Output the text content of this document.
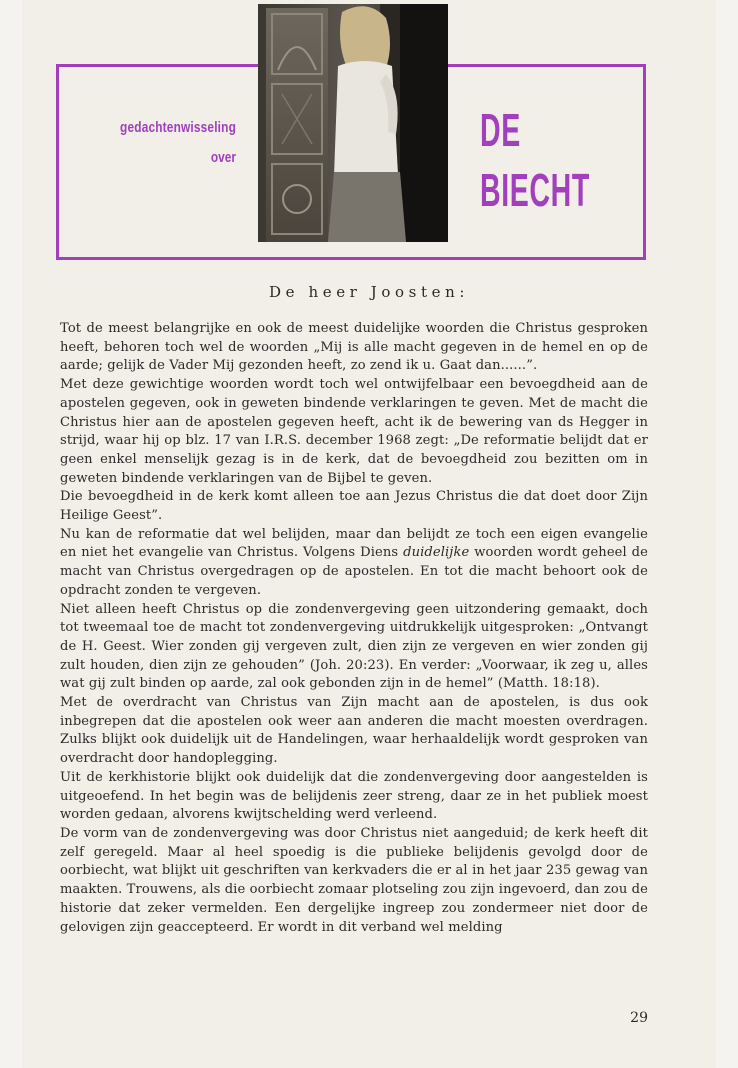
gedachtenwisseling
over
DE
BIECHT
De heer Joosten:

Tot de meest belangrijke en ook de meest duidelijke woorden die Christus gesproken heeft, behoren toch wel de woorden „Mij is alle macht gegeven in de hemel en op de aarde; gelijk de Vader Mij gezonden heeft, zo zend ik u. Gaat dan......”.

Met deze gewichtige woorden wordt toch wel ontwijfelbaar een bevoegdheid aan de apostelen gegeven, ook in geweten bindende verklaringen te geven. Met de macht die Christus hier aan de apostelen gegeven heeft, acht ik de bewering van ds Hegger in strijd, waar hij op blz. 17 van I.R.S. december 1968 zegt: „De reformatie belijdt dat er geen enkel menselijk gezag is in de kerk, dat de bevoegdheid zou bezitten om in geweten bindende verklaringen van de Bijbel te geven.

Die bevoegdheid in de kerk komt alleen toe aan Jezus Christus die dat doet door Zijn Heilige Geest”.

Nu kan de reformatie dat wel belijden, maar dan belijdt ze toch een eigen evangelie en niet het evangelie van Christus. Volgens Diens duidelijke woorden wordt geheel de macht van Christus overgedragen op de apostelen. En tot die macht behoort ook de opdracht zonden te vergeven.

Niet alleen heeft Christus op die zondenvergeving geen uitzondering gemaakt, doch tot tweemaal toe de macht tot zondenvergeving uitdrukkelijk uitgesproken: „Ontvangt de H. Geest. Wier zonden gij vergeven zult, dien zijn ze vergeven en wier zonden gij zult houden, dien zijn ze gehouden” (Joh. 20:23). En verder: „Voorwaar, ik zeg u, alles wat gij zult binden op aarde, zal ook gebonden zijn in de hemel” (Matth. 18:18).

Met de overdracht van Christus van Zijn macht aan de apostelen, is dus ook inbegrepen dat die apostelen ook weer aan anderen die macht moesten overdragen. Zulks blijkt ook duidelijk uit de Handelingen, waar herhaaldelijk wordt gesproken van overdracht door handoplegging.

Uit de kerkhistorie blijkt ook duidelijk dat die zondenvergeving door aangestelden is uitgeoefend. In het begin was de belijdenis zeer streng, daar ze in het publiek moest worden gedaan, alvorens kwijtschelding werd verleend.

De vorm van de zondenvergeving was door Christus niet aangeduid; de kerk heeft dit zelf geregeld. Maar al heel spoedig is die publieke belijdenis gevolgd door de oorbiecht, wat blijkt uit geschriften van kerkvaders die er al in het jaar 235 gewag van maakten. Trouwens, als die oorbiecht zomaar plotseling zou zijn ingevoerd, dan zou de historie dat zeker vermelden. Een dergelijke ingreep zou zondermeer niet door de gelovigen zijn geaccepteerd. Er wordt in dit verband wel melding

29
